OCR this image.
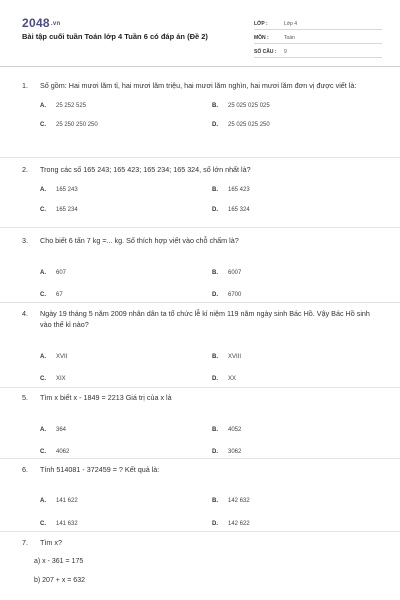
2048.vn
Bài tập cuối tuần Toán lớp 4 Tuần 6 có đáp án (Đề 2)
LỚP :	Lớp 4
MÔN :	Toán
SỐ CÂU :	9
1.	Số gồm: Hai mươi lăm tỉ, hai mươi lăm triệu, hai mươi lăm nghìn, hai mươi lăm đơn vị được viết là:
A.	25 252 525	B.	25 025 025 025
C.	25 250 250 250	D.	25 025 025 250
2.	Trong các số 165 243; 165 423; 165 234; 165 324, số lớn nhất là?
A.	165 243	B.	165 423
C.	165 234	D.	165 324
3.	Cho biết 6 tấn 7 kg =... kg. Số thích hợp viết vào chỗ chấm là?
A.	607	B.	6007
C.	67	D.	6700
4.	Ngày 19 tháng 5 năm 2009 nhân dân ta tổ chức lễ kỉ niệm 119 năm ngày sinh Bác Hồ. Vậy Bác Hồ sinh vào thế kỉ nào?
A.	XVII	B.	XVIII
C.	XIX	D.	XX
5.	Tìm x biết x - 1849 = 2213 Giá trị của x là
A.	364	B.	4052
C.	4062	D.	3062
6.	Tính 514081 - 372459 = ? Kết quả là:
A.	141 622	B.	142 632
C.	141 632	D.	142 622
7.	Tìm x?
a) x - 361 = 175
b) 207 + x = 632
